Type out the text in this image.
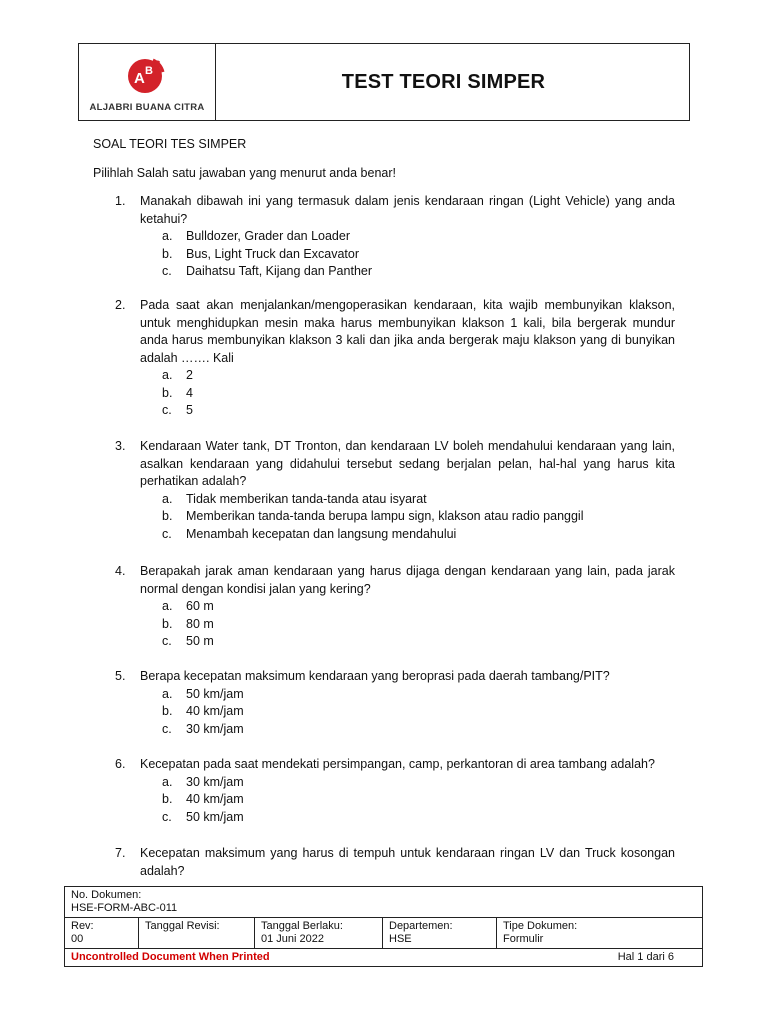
A B
C
ALJABRI BUANA CITRA
TEST TEORI SIMPER
SOAL TEORI TES SIMPER
Pilihlah Salah satu jawaban yang menurut anda benar!
1.	Manakah dibawah ini yang termasuk dalam jenis kendaraan ringan (Light Vehicle) yang anda ketahui?
a. Bulldozer, Grader dan Loader
b. Bus, Light Truck dan Excavator
c. Daihatsu Taft, Kijang dan Panther
2.	Pada saat akan menjalankan/mengoperasikan kendaraan, kita wajib membunyikan klakson, untuk menghidupkan mesin maka harus membunyikan klakson 1 kali, bila bergerak mundur anda harus membunyikan klakson 3 kali dan jika anda bergerak maju klakson yang di bunyikan adalah ……. Kali
a. 2
b. 4
c. 5
3.	Kendaraan Water tank, DT Tronton, dan kendaraan LV boleh mendahului kendaraan yang lain, asalkan kendaraan yang didahului tersebut sedang berjalan pelan, hal-hal yang harus kita perhatikan adalah?
a. Tidak memberikan tanda-tanda atau isyarat
b. Memberikan tanda-tanda berupa lampu sign, klakson atau radio panggil
c. Menambah kecepatan dan langsung mendahului
4.	Berapakah jarak aman kendaraan yang harus dijaga dengan kendaraan yang lain, pada jarak normal dengan kondisi jalan yang kering?
a. 60 m
b. 80 m
c. 50 m
5.	Berapa kecepatan maksimum kendaraan yang beroprasi pada daerah tambang/PIT?
a. 50 km/jam
b. 40 km/jam
c. 30 km/jam
6.	Kecepatan pada saat mendekati persimpangan, camp, perkantoran di area tambang adalah?
a. 30 km/jam
b. 40 km/jam
c. 50 km/jam
7.	Kecepatan maksimum yang harus di tempuh untuk kendaraan ringan LV dan Truck kosongan adalah?
No. Dokumen:
HSE-FORM-ABC-011
Rev:
00
Tanggal Revisi:
	Tanggal Berlaku:
01 Juni 2022
Departemen:
HSE
Tipe Dokumen:
Formulir
Uncontrolled Document When Printed	Hal 1 dari 6
